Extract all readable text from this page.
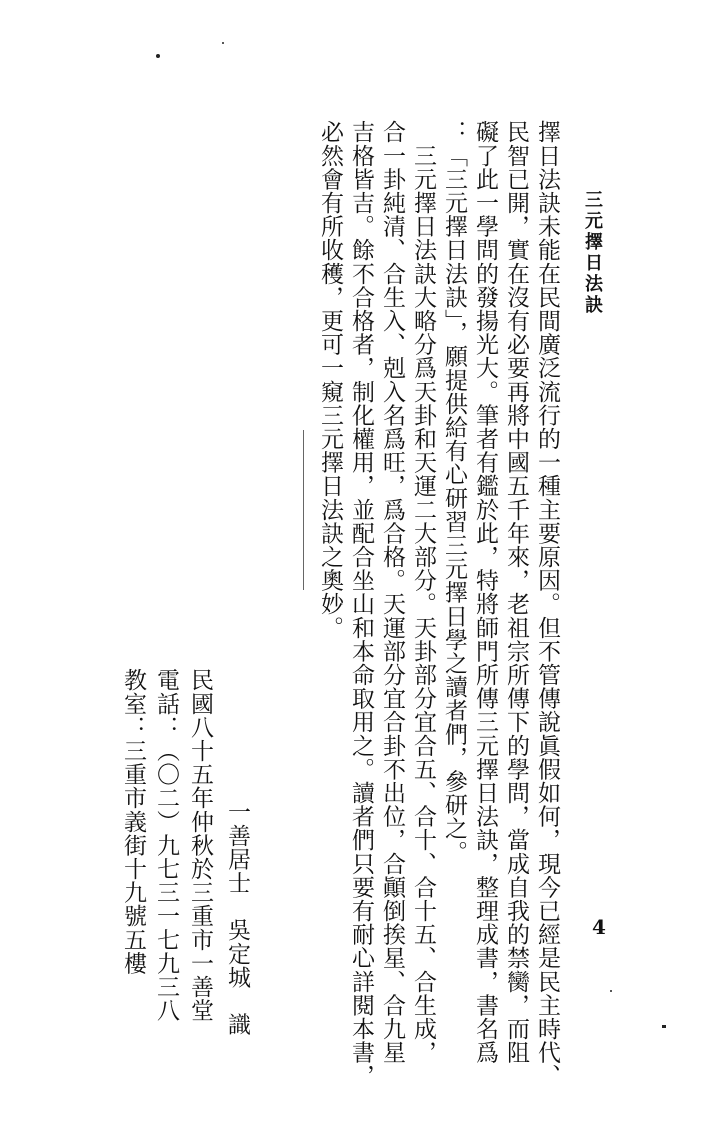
三元擇日法訣
擇日法訣未能在民間廣泛流行的一種主要原因。但不管傳說眞假如何，現今已經是民主時代、
民智已開，實在沒有必要再將中國五千年來，老祖宗所傳下的學問，當成自我的禁臠，而阻
礙了此一學問的發揚光大。筆者有鑑於此，特將師門所傳三元擇日法訣，整理成書，書名爲
：「三元擇日法訣」，願提供給有心研習三元擇日學之讀者們，參研之。
　三元擇日法訣大略分爲天卦和天運二大部分。天卦部分宜合五、合十、合十五、合生成，
合一卦純清、合生入、剋入名爲旺，爲合格。天運部分宜合卦不出位，合顚倒挨星、合九星
吉格皆吉。餘不合格者，制化權用，並配合坐山和本命取用之。讀者們只要有耐心詳閱本書，
必然會有所收穫，更可一窺三元擇日法訣之奧妙。
一善居士　吳定城　識
民國八十五年仲秋於三重市一善堂
電話：（〇二）九七三一七九三八
教室：三重市義街十九號五樓	4
